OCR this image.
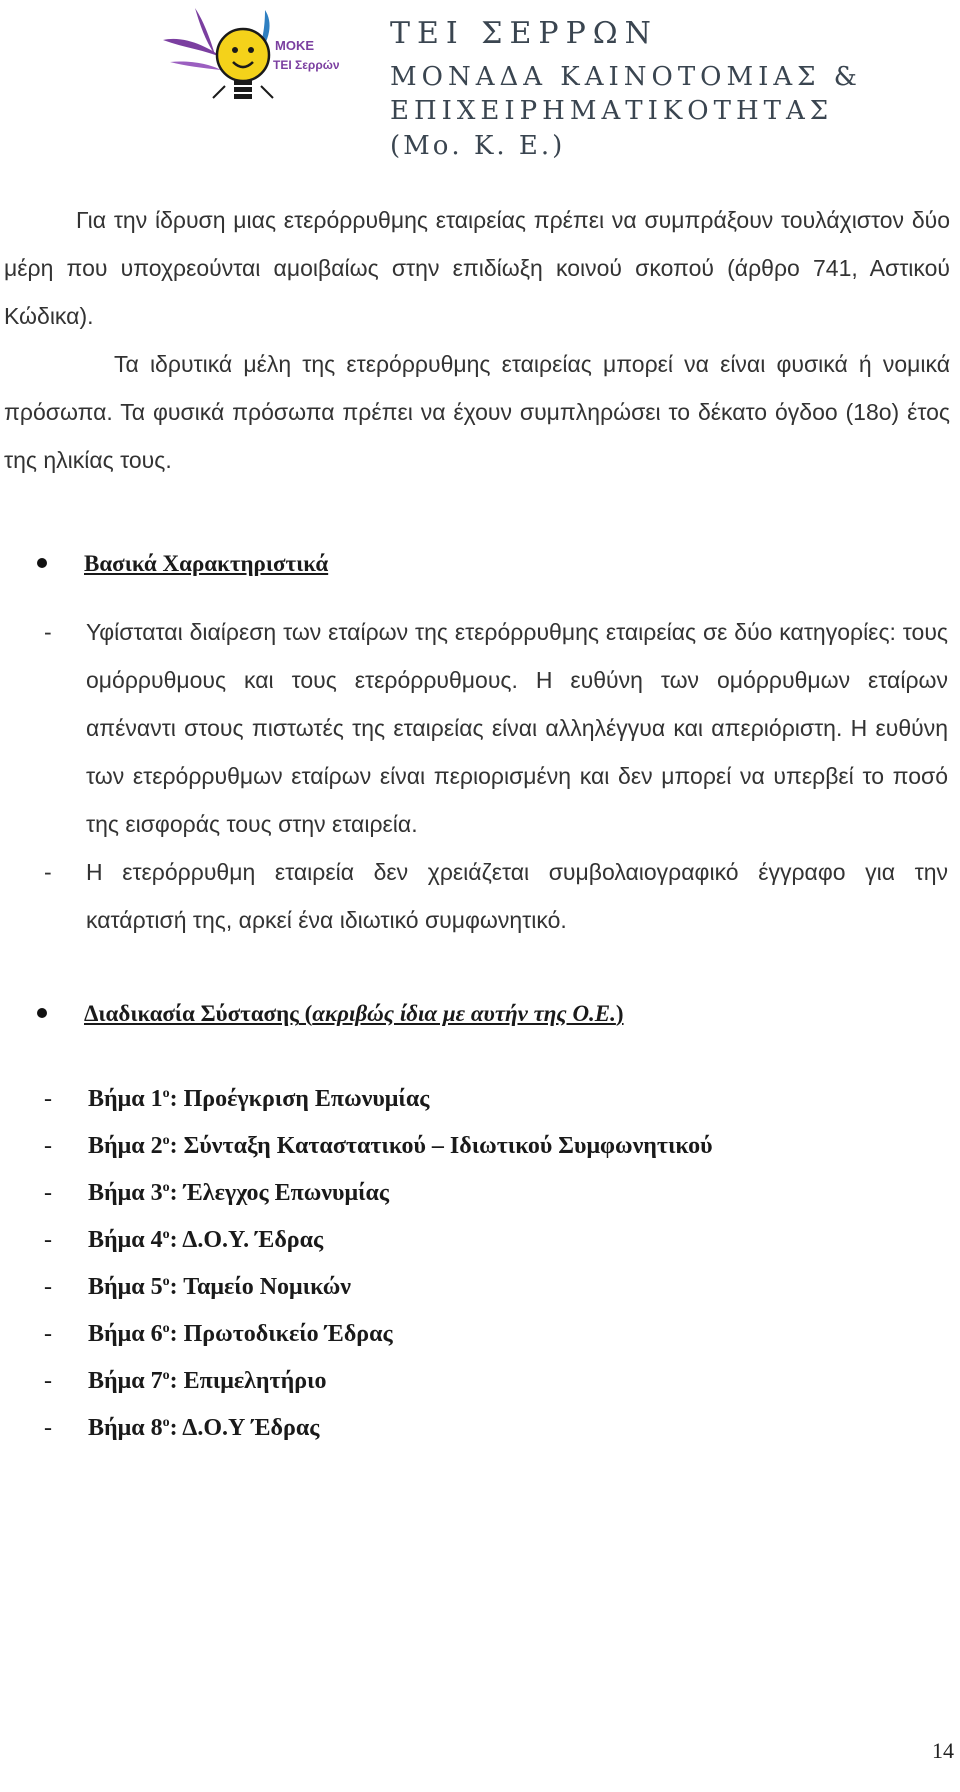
ΜΟΚΕ
ΤΕΙ Σερρών
ΤΕΙ ΣΕΡΡΩΝ
ΜΟΝΑΔΑ ΚΑΙΝΟΤΟΜΙΑΣ &
ΕΠΙΧΕΙΡΗΜΑΤΙΚΟΤΗΤΑΣ
(Μο. Κ. Ε.)

Για την ίδρυση μιας ετερόρρυθμης εταιρείας πρέπει να συμπράξουν τουλάχιστον δύο μέρη που υποχρεούνται αμοιβαίως στην επιδίωξη κοινού σκοπού (άρθρο 741, Αστικού Κώδικα).

Τα ιδρυτικά μέλη της ετερόρρυθμης εταιρείας μπορεί να είναι φυσικά ή νομικά πρόσωπα. Τα φυσικά πρόσωπα πρέπει να έχουν συμπληρώσει το δέκατο όγδοο (18ο) έτος της ηλικίας τους.

Βασικά Χαρακτηριστικά

- Υφίσταται διαίρεση των εταίρων της ετερόρρυθμης εταιρείας σε δύο κατηγορίες: τους ομόρρυθμους και τους ετερόρρυθμους. Η ευθύνη των ομόρρυθμων εταίρων απέναντι στους πιστωτές της εταιρείας είναι αλληλέγγυα και απεριόριστη. Η ευθύνη των ετερόρρυθμων εταίρων είναι περιορισμένη και δεν μπορεί να υπερβεί το ποσό της εισφοράς τους στην εταιρεία.

- Η ετερόρρυθμη εταιρεία δεν χρειάζεται συμβολαιογραφικό έγγραφο για την κατάρτισή της, αρκεί ένα ιδιωτικό συμφωνητικό.

Διαδικασία Σύστασης (ακριβώς ίδια με αυτήν της Ο.Ε.)

- Βήμα $1^o$: Προέγκριση Επωνυμίας
- Βήμα $2^o$: Σύνταξη Καταστατικού – Ιδιωτικού Συμφωνητικού
- Βήμα $3^o$: Έλεγχος Επωνυμίας
- Βήμα $4^o$: Δ.Ο.Υ. Έδρας
- Βήμα $5^o$: Ταμείο Νομικών
- Βήμα $6^o$: Πρωτοδικείο Έδρας
- Βήμα $7^o$: Επιμελητήριο
- Βήμα $8^o$: Δ.Ο.Υ Έδρας
14
